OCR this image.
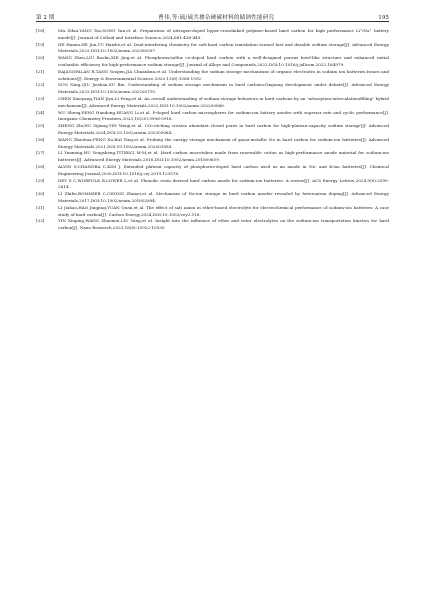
第 2 期	曹伟,等:硫/硫共掺杂硬碳材料的储钠性能研究	195
[18]	MA Zihui,YANG Tao,SONG Yan,et al. Preparation of nitrogen-doped hyper-crosslinked polymer-based hard carbon for high performance Li⁺/Na⁺ battery anode[J]. Journal of Colloid and Interface Science,2024,661:436-449.
[19]	HE Hanna,HE Jun,YU Haizhe,et al. Dual-interfering chemistry for soft-hard carbon translation toward fast and durable sodium storage[J]. Advanced Energy Materials,2023,DOI:10.1002/aenm.202300357.
[20]	WANG Zhen,LIU Baolin,XIE Jing,et al. Phosphorus/sulfur co-doped hard carbon with a well-designed porous bowl-like structure and enhanced initial coulombic efficiency for high-performance sodium storage[J]. Journal of Alloys and Compounds,2022,DOI:10.1016/j.jallcom.2022.164979.
[21]	RAJAGOPALAN R,TANG Yougen,JIA Chuankun,et al. Understanding the sodium storage mechanisms of organic electrodes in sodium ion batteries:Issues and solutions[J]. Energy & Environmental Science,2020,13(6):1568-1592.
[22]	SUN Ning,QIU Jieshan,XU Bin. Understanding of sodium storage mechanism in hard carbons:Ongoing development under debate[J]. Advanced Energy Materials,2022,DOI:10.1002/aenm.202200715.
[23]	CHEN Xiaoyang,TIAN Jiyu,LI Peng,et al. An overall understanding of sodium storage behaviors in hard carbons by an "adsorption-intercalation/filling" hybrid mechanism[J]. Advanced Energy Materials,2022,DOI:10.1002/aenm.202200886.
[24]	WU Sheng,PENG Handong,HUANG Li,et al. P-doped hard carbon microspheres for sodium-ion battery anodes with superior rate and cyclic performance[J]. Inorganic Chemistry Frontiers,2023,10(20):5908-5918.
[25]	ZHENG Zhi,HU Sijiang,YIN Wenji,et al. CO₂-etching creates abundant closed pores in hard carbon for high-plateau-capacity sodium storage[J]. Advanced Energy Materials,2024,DOI:10.1002/aenm.202303064.
[26]	WANG Zhaohua,FENG Xu,BAI Ying,et al. Probing the energy storage mechanism of quasi-metallic Na in hard carbon for sodium-ion batteries[J]. Advanced Energy Materials,2021,DOI:10.1002/aenm.202003854.
[27]	LI Yunming,HU Yongsheng,TITIRICI M-M,et al. Hard carbon microtubes made from renewable cotton as high-performance anode material for sodium-ion batteries[J]. Advanced Energy Materials,2016,DOI:10.1002/aenm.201600659.
[28]	ALVIN S,CHANDRA C,KIM J. Extended plateau capacity of phosphorus-doped hard carbon used as an anode in Na- and K-ion batteries[J]. Chemical Engineering Journal,2020,DOI:10.1016/j.cej.2019.123576.
[29]	DEY S C,WORFOLK B,LOWER L,et al. Phenolic resin derived hard carbon anode for sodium-ion batteries: A review[J]. ACS Energy Letters,2024,9(6):2590-2614.
[30]	LI Zhifei,BOMMIER C,CHONG Zhimei,et al. Mechanism of Na-ion storage in hard carbon anodes revealed by heteroatom doping[J]. Advanced Energy Materials,2017,DOI:10.1002/aenm.201602894.
[31]	LI Jiahao,HAO Jingjing,YUAN Quan,et al. The effect of salt anion in ether-based electrolyte for electrochemical performance of sodium-ion batteries: A case study of hard carbon[J]. Carbon Energy,2024,DOI:10.1002/cey2.518.
[32]	YIN Xiuping,WANG Zhaomin,LIU Yang,et al. Insight into the influence of ether and ester electrolytes on the sodium-ion transportation kinetics for hard carbon[J]. Nano Research,2023,16(8):10922-10930.
